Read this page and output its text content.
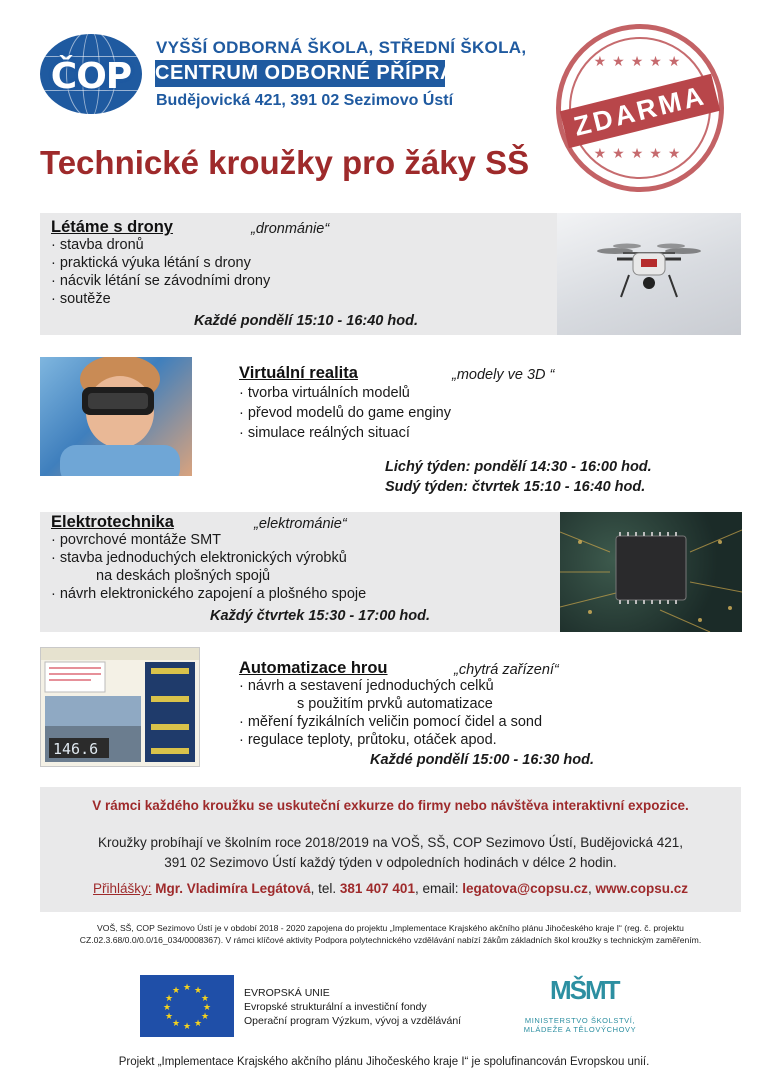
ČOP
VYŠŠÍ ODBORNÁ ŠKOLA, STŘEDNÍ ŠKOLA,
CENTRUM ODBORNÉ PŘÍPRAVY
Budějovická 421, 391 02 Sezimovo Ústí
★★★★★
★★★★★
ZDARMA
Technické kroužky pro žáky SŠ
Létáme s drony	„dronmánie“
· stavba dronů
· praktická výuka létání s drony
· nácvik létání se závodními drony
· soutěže
Každé pondělí 15:10 - 16:40 hod.
Virtuální realita	„modely ve 3D “
· tvorba virtuálních modelů
· převod modelů do game enginy
· simulace reálných situací
Lichý týden: pondělí 14:30 - 16:00 hod.
Sudý týden: čtvrtek 15:10 - 16:40 hod.
Elektrotechnika	„elektrománie“
· povrchové montáže SMT
· stavba jednoduchých elektronických výrobků
na deskách plošných spojů
· návrh elektronického zapojení a plošného spoje
Každý čtvrtek 15:30 - 17:00 hod.
146.6
Automatizace hrou	„chytrá zařízení“
· návrh a sestavení jednoduchých celků
s použitím prvků automatizace
· měření fyzikálních veličin pomocí čidel a sond
· regulace teploty, průtoku, otáček apod.
Každé pondělí 15:00 - 16:30 hod.
V rámci každého kroužku se uskuteční exkurze do firmy nebo návštěva interaktivní expozice.
Kroužky probíhají ve školním roce 2018/2019 na VOŠ, SŠ, COP Sezimovo Ústí, Budějovická 421,
391 02 Sezimovo Ústí každý týden v odpoledních hodinách v délce 2 hodin.
Přihlášky: Mgr. Vladimíra Legátová, tel. 381 407 401, email: legatova@copsu.cz, www.copsu.cz
VOŠ, SŠ, COP Sezimovo Ústí je v období 2018 - 2020 zapojena do projektu „Implementace Krajského akčního plánu Jihočeského kraje I“ (reg. č. projektu
CZ.02.3.68/0.0/0.0/16_034/0008367). V rámci klíčové aktivity Podpora polytechnického vzdělávání nabízí žákům základních škol kroužky s technickým zaměřením.
★ ★
★
★
★
★
★
★
★
★
★
★	EVROPSKÁ UNIE
Evropské strukturální a investiční fondy
Operační program Výzkum, vývoj a vzdělávání
MŠMT
MINISTERSTVO ŠKOLSTVÍ,
MLÁDEŽE A TĚLOVÝCHOVY
Projekt „Implementace Krajského akčního plánu Jihočeského kraje I“ je spolufinancován Evropskou unií.
